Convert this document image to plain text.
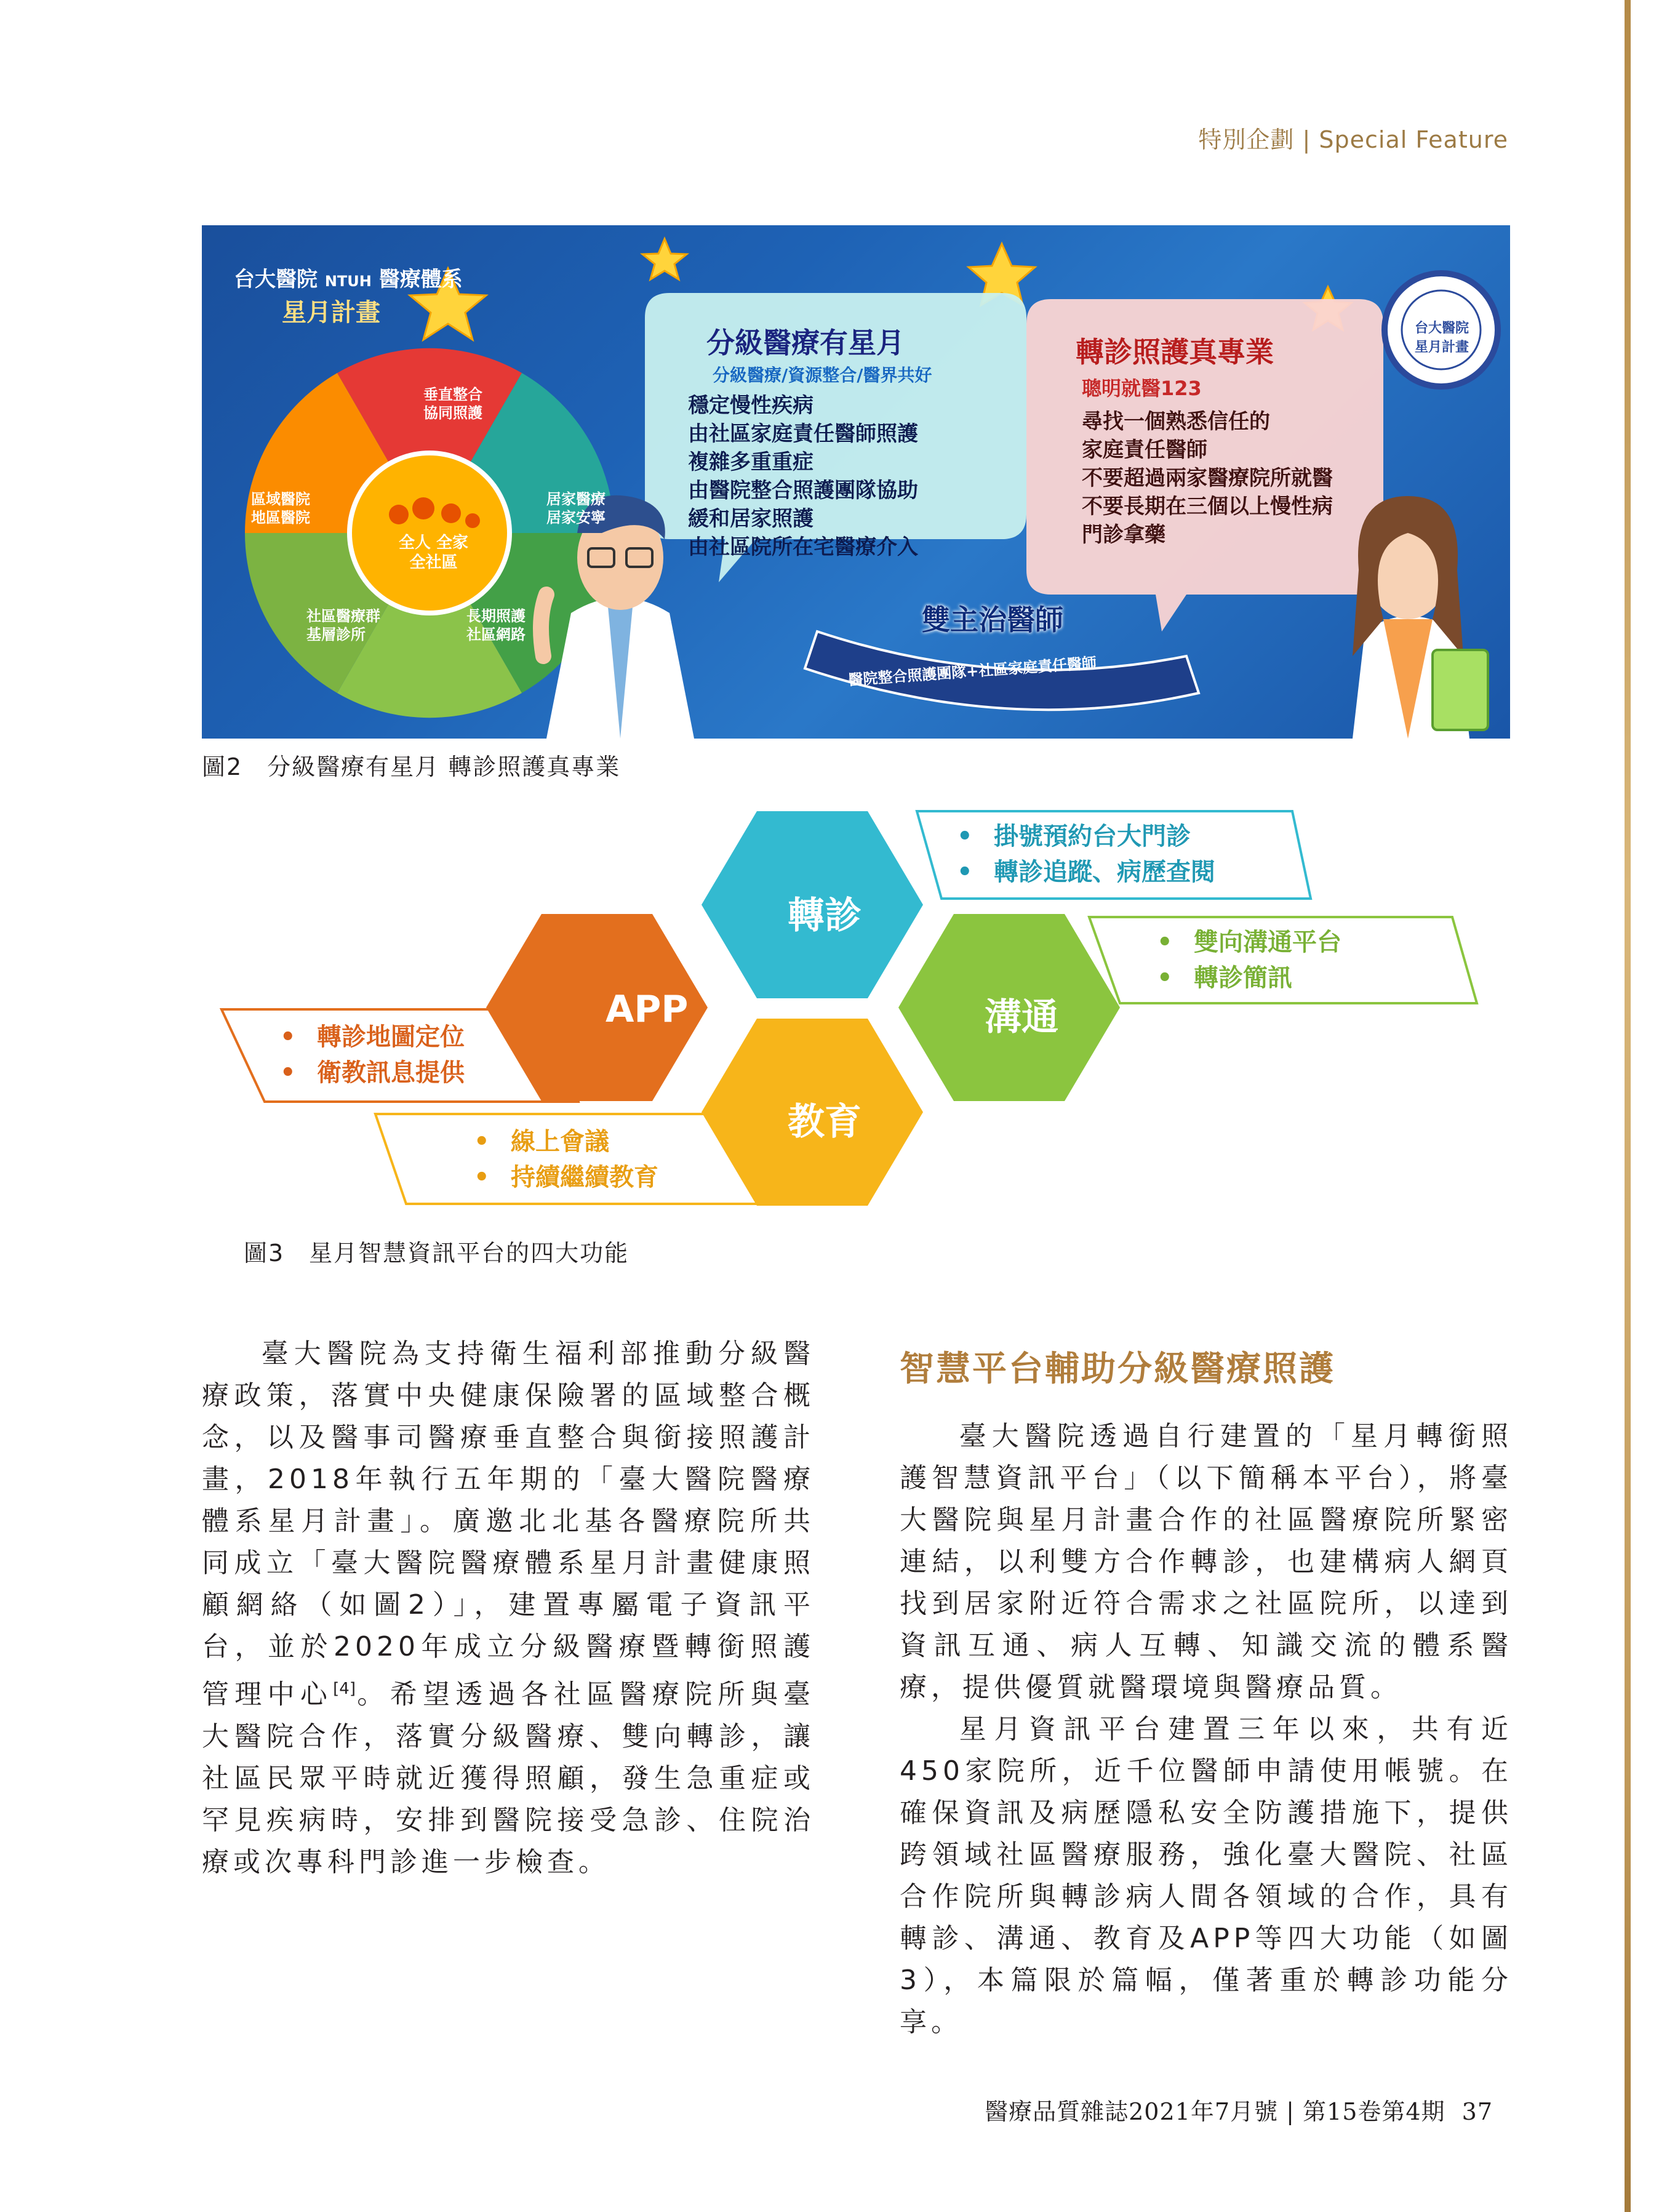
特別企劃 | Special Feature
台大醫院 NTUH 醫療體系
星月計畫
垂直整合
協同照護
區域醫院
地區醫院
居家醫療
居家安寧
社區醫療群
基層診所
長期照護
社區網路
全人 全家
全社區
分級醫療有星月
分級醫療/資源整合/醫界共好
穩定慢性疾病
由社區家庭責任醫師照護
複雜多重重症
由醫院整合照護團隊協助
緩和居家照護
由社區院所在宅醫療介入
轉診照護真專業
聰明就醫123
尋找一個熟悉信任的
家庭責任醫師
不要超過兩家醫療院所就醫
不要長期在三個以上慢性病
門診拿藥
雙主治醫師
醫院整合照護團隊+社區家庭責任醫師
台大醫院 星月計畫
圖2　分級醫療有星月 轉診照護真專業
轉診
APP	溝通
教育
• 掛號預約台大門診
• 轉診追蹤、病歷查閱
• 雙向溝通平台
• 轉診簡訊
• 轉診地圖定位
• 衛教訊息提供
• 線上會議
• 持續繼續教育
圖3　星月智慧資訊平台的四大功能

臺大醫院為支持衛生福利部推動分級醫療政策，落實中央健康保險署的區域整合概念，以及醫事司醫療垂直整合與銜接照護計畫，2018年執行五年期的「臺大醫院醫療體系星月計畫」。廣邀北北基各醫療院所共同成立「臺大醫院醫療體系星月計畫健康照顧網絡（如圖2）」，建置專屬電子資訊平台，並於2020年成立分級醫療暨轉銜照護管理中心[4]。希望透過各社區醫療院所與臺大醫院合作，落實分級醫療、雙向轉診，讓社區民眾平時就近獲得照顧，發生急重症或罕見疾病時，安排到醫院接受急診、住院治療或次專科門診進一步檢查。

智慧平台輔助分級醫療照護

臺大醫院透過自行建置的「星月轉銜照護智慧資訊平台」（以下簡稱本平台），將臺大醫院與星月計畫合作的社區醫療院所緊密連結，以利雙方合作轉診，也建構病人網頁找到居家附近符合需求之社區院所，以達到資訊互通、病人互轉、知識交流的體系醫療，提供優質就醫環境與醫療品質。

星月資訊平台建置三年以來，共有近450家院所，近千位醫師申請使用帳號。在確保資訊及病歷隱私安全防護措施下，提供跨領域社區醫療服務，強化臺大醫院、社區合作院所與轉診病人間各領域的合作，具有轉診、溝通、教育及APP等四大功能（如圖3），本篇限於篇幅，僅著重於轉診功能分享。

醫療品質雜誌2021年7月號 | 第15卷第4期 37
